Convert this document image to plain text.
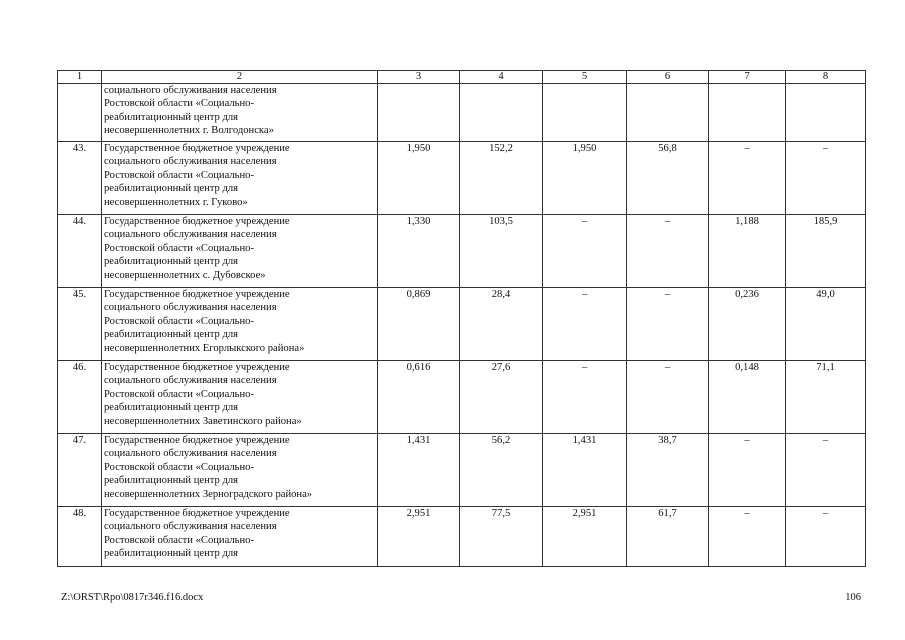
1	2	3	4	5	6	7	8
	социального обслуживания населения
Ростовской области «Социально-
реабилитационный центр для
несовершеннолетних г. Волгодонска»						
43.	Государственное бюджетное учреждение
социального обслуживания населения
Ростовской области «Социально-
реабилитационный центр для
несовершеннолетних г. Гуково»	1,950	152,2	1,950	56,8	–	–
44.	Государственное бюджетное учреждение
социального обслуживания населения
Ростовской области «Социально-
реабилитационный центр для
несовершеннолетних с. Дубовское»	1,330	103,5	–	–	1,188	185,9
45.	Государственное бюджетное учреждение
социального обслуживания населения
Ростовской области «Социально-
реабилитационный центр для
несовершеннолетних Егорлыкского района»	0,869	28,4	–	–	0,236	49,0
46.	Государственное бюджетное учреждение
социального обслуживания населения
Ростовской области «Социально-
реабилитационный центр для
несовершеннолетних Заветинского района»	0,616	27,6	–	–	0,148	71,1
47.	Государственное бюджетное учреждение
социального обслуживания населения
Ростовской области «Социально-
реабилитационный центр для
несовершеннолетних Зерноградского района»	1,431	56,2	1,431	38,7	–	–
48.	Государственное бюджетное учреждение
социального обслуживания населения
Ростовской области «Социально-
реабилитационный центр для	2,951	77,5	2,951	61,7	–	–
Z:\ORST\Rpo\0817r346.f16.docx	106
